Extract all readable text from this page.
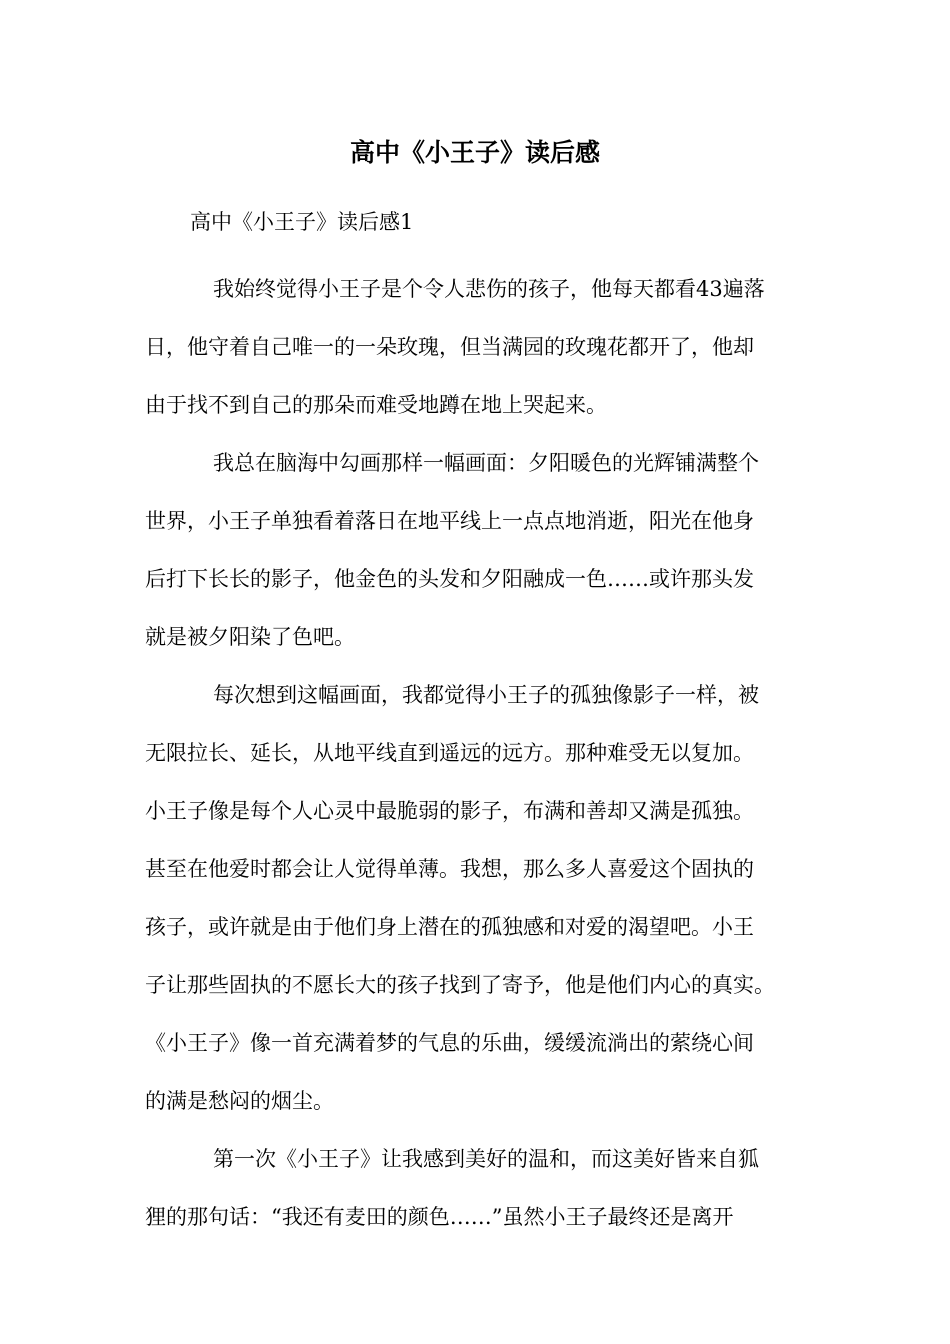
高中《小王子》读后感

高中《小王子》读后感1

我始终觉得小王子是个令人悲伤的孩子，他每天都看43遍落
日，他守着自己唯一的一朵玫瑰，但当满园的玫瑰花都开了，他却
由于找不到自己的那朵而难受地蹲在地上哭起来。

我总在脑海中勾画那样一幅画面：夕阳暖色的光辉铺满整个
世界，小王子单独看着落日在地平线上一点点地消逝，阳光在他身
后打下长长的影子，他金色的头发和夕阳融成一色……或许那头发
就是被夕阳染了色吧。

每次想到这幅画面，我都觉得小王子的孤独像影子一样，被
无限拉长、延长，从地平线直到遥远的远方。那种难受无以复加。
小王子像是每个人心灵中最脆弱的影子，布满和善却又满是孤独。
甚至在他爱时都会让人觉得单薄。我想，那么多人喜爱这个固执的
孩子，或许就是由于他们身上潜在的孤独感和对爱的渴望吧。小王
子让那些固执的不愿长大的孩子找到了寄予，他是他们内心的真实。
《小王子》像一首充满着梦的气息的乐曲，缓缓流淌出的萦绕心间
的满是愁闷的烟尘。

第一次《小王子》让我感到美好的温和，而这美好皆来自狐
狸的那句话：“我还有麦田的颜色……”虽然小王子最终还是离开
